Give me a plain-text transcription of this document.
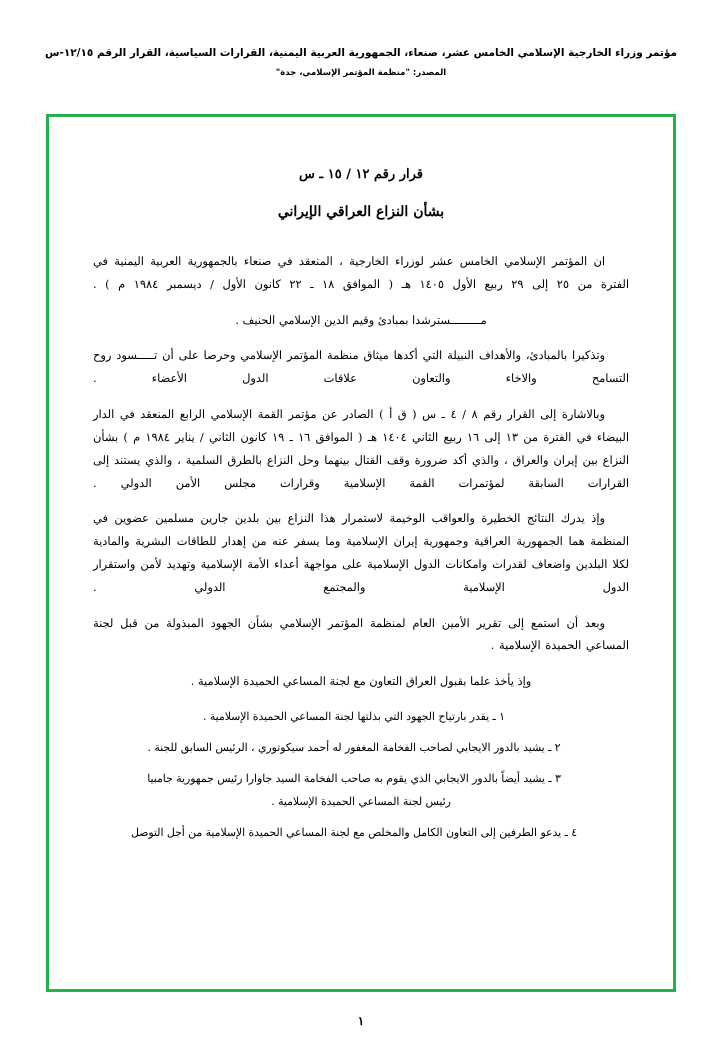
مؤتمر وزراء الخارجية الإسلامي الخامس عشر، صنعاء، الجمهورية العربية اليمنية، القرارات السياسية، القرار الرقم ١٢/١٥-س
المصدر: "منظمة المؤتمر الإسلامي، جدة"
قرار رقم ١٢ / ١٥ ـ س
بشأن النزاع العراقي الإيراني

ان المؤتمر الإسلامي الخامس عشر لوزراء الخارجية ، المنعقد في صنعاء بالجمهورية العربية اليمنية في الفترة من ٢٥ إلى ٢٩ ربيع الأول ١٤٠٥ هـ ( الموافق ١٨ ـ ٢٢ كانون الأول / ديسمبر ١٩٨٤ م ) .

مـــــــــسترشدا بمبادئ وقيم الدين الإسلامي الحنيف .

وتذكيرا بالمبادئ، والأهداف النبيلة التي أكدها ميثاق منظمة المؤتمر الإسلامي وحرصا على أن تـــــسود روح التسامح والاخاء والتعاون علاقات الدول الأعضاء .

وبالاشارة إلى القرار رقم ٨ / ٤ ـ س ( ق أ ) الصادر عن مؤتمر القمة الإسلامي الرابع المنعقد في الدار البيضاء في الفترة من ١٣ إلى ١٦ ربيع الثاني ١٤٠٤ هـ ( الموافق ١٦ ـ ١٩ كانون الثاني / يناير ١٩٨٤ م ) بشأن النزاع بين إيران والعراق ، والذي أكد ضرورة وقف القتال بينهما وحل النزاع بالطرق السلمية ، والذي يستند إلى القرارات السابقة لمؤتمرات القمة الإسلامية وقرارات مجلس الأمن الدولي .

وإذ يدرك النتائج الخطيرة والعواقب الوخيمة لاستمرار هذا النزاع بين بلدين جارين مسلمين عضوين في المنظمة هما الجمهورية العراقية وجمهورية إيران الإسلامية وما يسفر عنه من إهدار للطاقات البشرية والمادية لكلا البلدين واضعاف لقدرات وامكانات الدول الإسلامية على مواجهة أعداء الأمة الإسلامية وتهديد لأمن واستقرار الدول الإسلامية والمجتمع الدولي .

وبعد أن استمع إلى تقرير الأمين العام لمنظمة المؤتمر الإسلامي بشأن الجهود المبذولة من قبل لجنة المساعي الحميدة الإسلامية .

وإذ يأخذ علما بقبول العراق التعاون مع لجنة المساعي الحميدة الإسلامية .

١ ـ يقدر بارتياح الجهود التي بذلتها لجنة المساعي الحميدة الإسلامية .

٢ ـ يشيد بالدور الايجابي لصاحب الفخامة المغفور له أحمد سيكوتوري ، الرئيس السابق للجنة .

٣ ـ يشيد أيضاً بالدور الايجابي الذي يقوم به صاحب الفخامة السيد جاوارا رئيس جمهورية جامبيا

رئيس لجنة المساعي الحميدة الإسلامية .

٤ ـ يدعو الطرفين إلى التعاون الكامل والمخلص مع لجنة المساعي الحميدة الإسلامية من أجل التوصل

١
